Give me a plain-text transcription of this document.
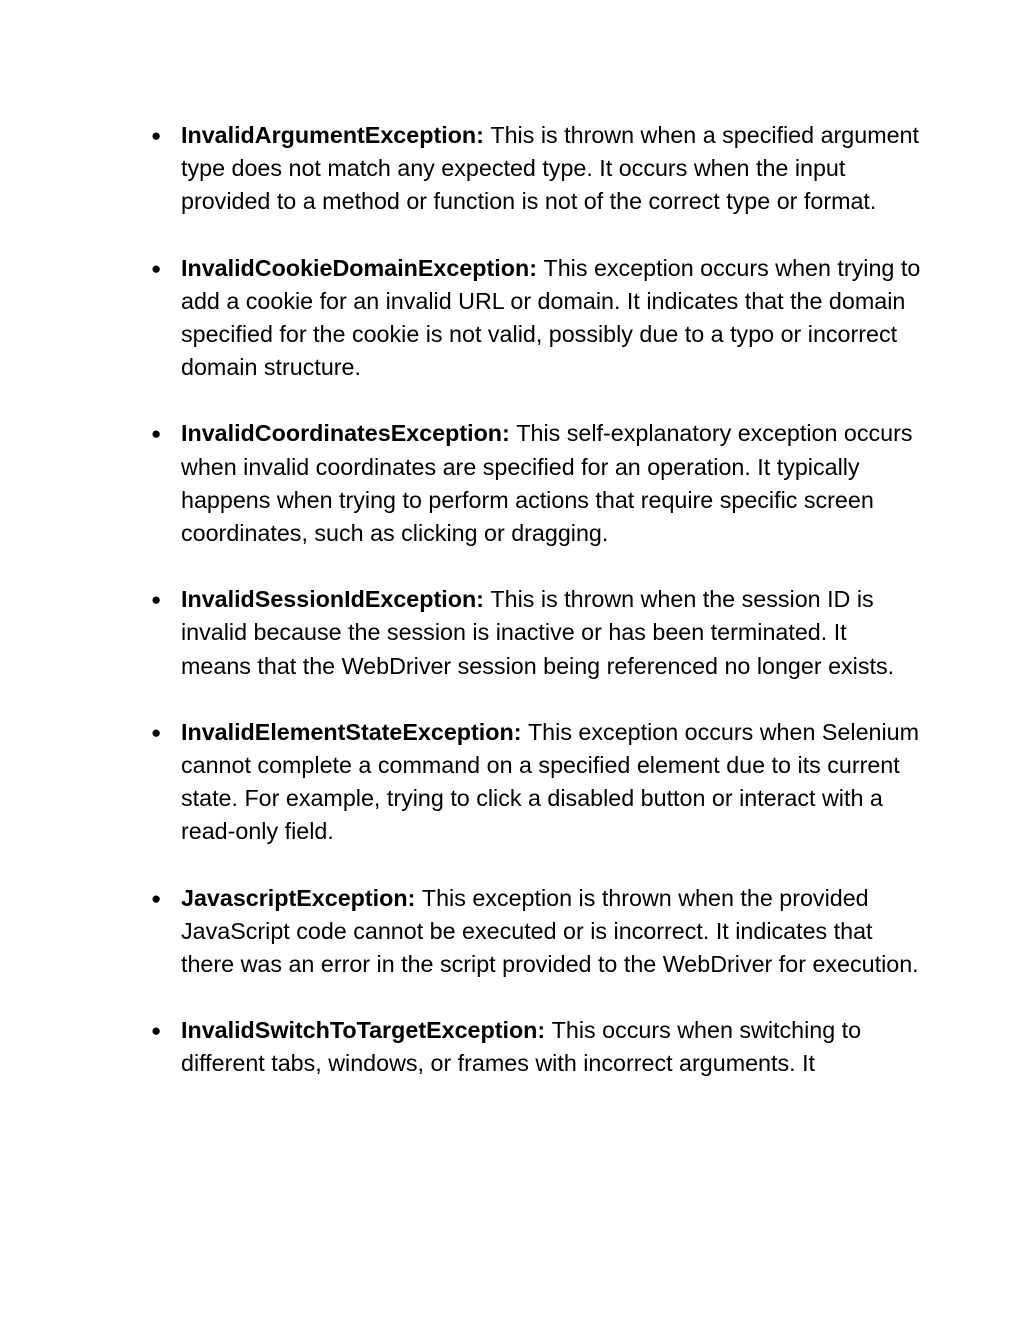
● InvalidArgumentException: This is thrown when a specified argument type does not match any expected type. It occurs when the input provided to a method or function is not of the correct type or format.
● InvalidCookieDomainException: This exception occurs when trying to add a cookie for an invalid URL or domain. It indicates that the domain specified for the cookie is not valid, possibly due to a typo or incorrect domain structure.
● InvalidCoordinatesException: This self-explanatory exception occurs when invalid coordinates are specified for an operation. It typically happens when trying to perform actions that require specific screen coordinates, such as clicking or dragging.
● InvalidSessionIdException: This is thrown when the session ID is invalid because the session is inactive or has been terminated. It means that the WebDriver session being referenced no longer exists.
● InvalidElementStateException: This exception occurs when Selenium cannot complete a command on a specified element due to its current state. For example, trying to click a disabled button or interact with a read-only field.
● JavascriptException: This exception is thrown when the provided JavaScript code cannot be executed or is incorrect. It indicates that there was an error in the script provided to the WebDriver for execution.
● InvalidSwitchToTargetException: This occurs when switching to different tabs, windows, or frames with incorrect arguments. It
